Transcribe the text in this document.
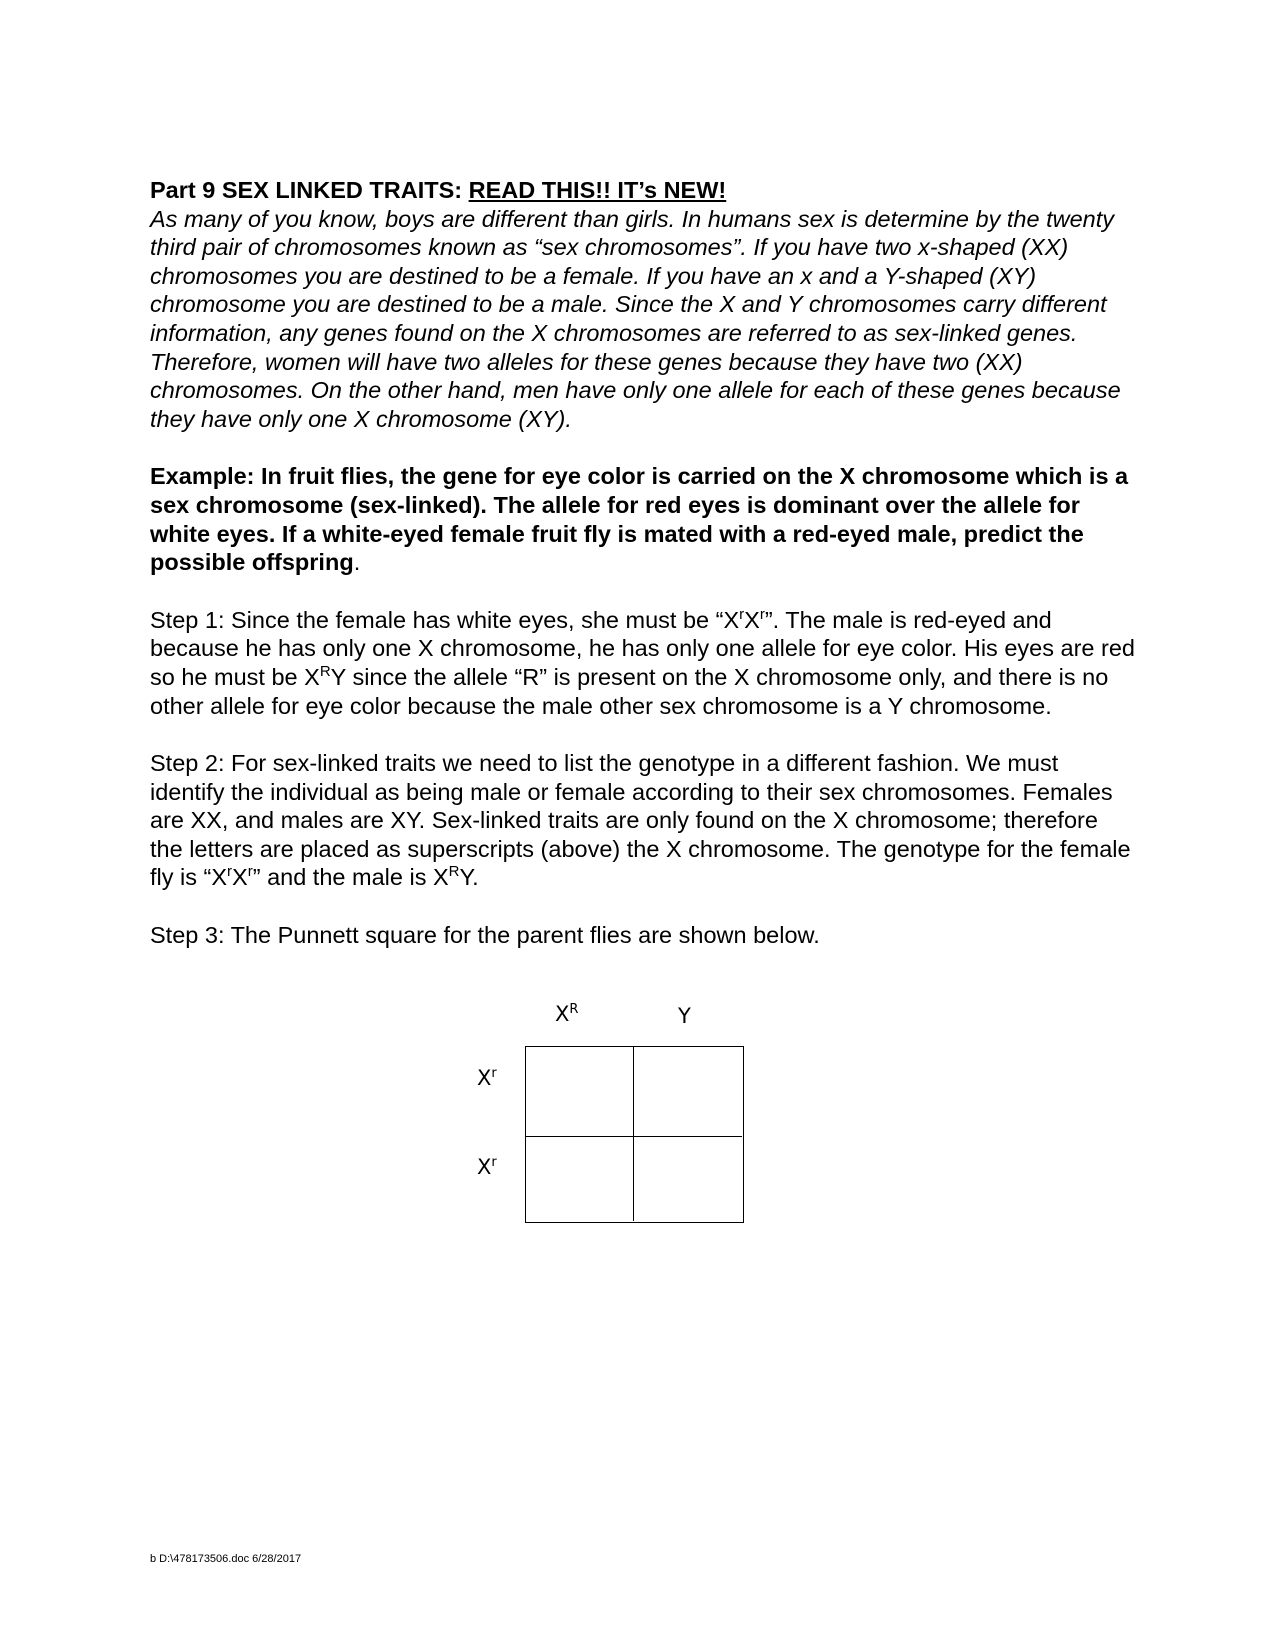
Part 9 SEX LINKED TRAITS: READ THIS!! IT’s NEW!

As many of you know, boys are different than girls. In humans sex is determine by the twenty third pair of chromosomes known as “sex chromosomes”. If you have two x-shaped (XX) chromosomes you are destined to be a female. If you have an x and a Y-shaped (XY) chromosome you are destined to be a male. Since the X and Y chromosomes carry different information, any genes found on the X chromosomes are referred to as sex-linked genes. Therefore, women will have two alleles for these genes because they have two (XX) chromosomes. On the other hand, men have only one allele for each of these genes because they have only one X chromosome (XY).

Example: In fruit flies, the gene for eye color is carried on the X chromosome which is a sex chromosome (sex-linked). The allele for red eyes is dominant over the allele for white eyes. If a white-eyed female fruit fly is mated with a red-eyed male, predict the possible offspring.

Step 1: Since the female has white eyes, she must be “$X^rX^r$”. The male is red-eyed and because he has only one X chromosome, he has only one allele for eye color. His eyes are red so he must be $X^RY$ since the allele “R” is present on the X chromosome only, and there is no other allele for eye color because the male other sex chromosome is a Y chromosome.

Step 2: For sex-linked traits we need to list the genotype in a different fashion. We must identify the individual as being male or female according to their sex chromosomes. Females are XX, and males are XY. Sex-linked traits are only found on the X chromosome; therefore the letters are placed as superscripts (above) the X chromosome. The genotype for the female fly is “$X^rX^r$” and the male is $X^RY$.

Step 3: The Punnett square for the parent flies are shown below.

$X^R$	Y
$X^r$
$X^r$
b D:\478173506.doc 6/28/2017
